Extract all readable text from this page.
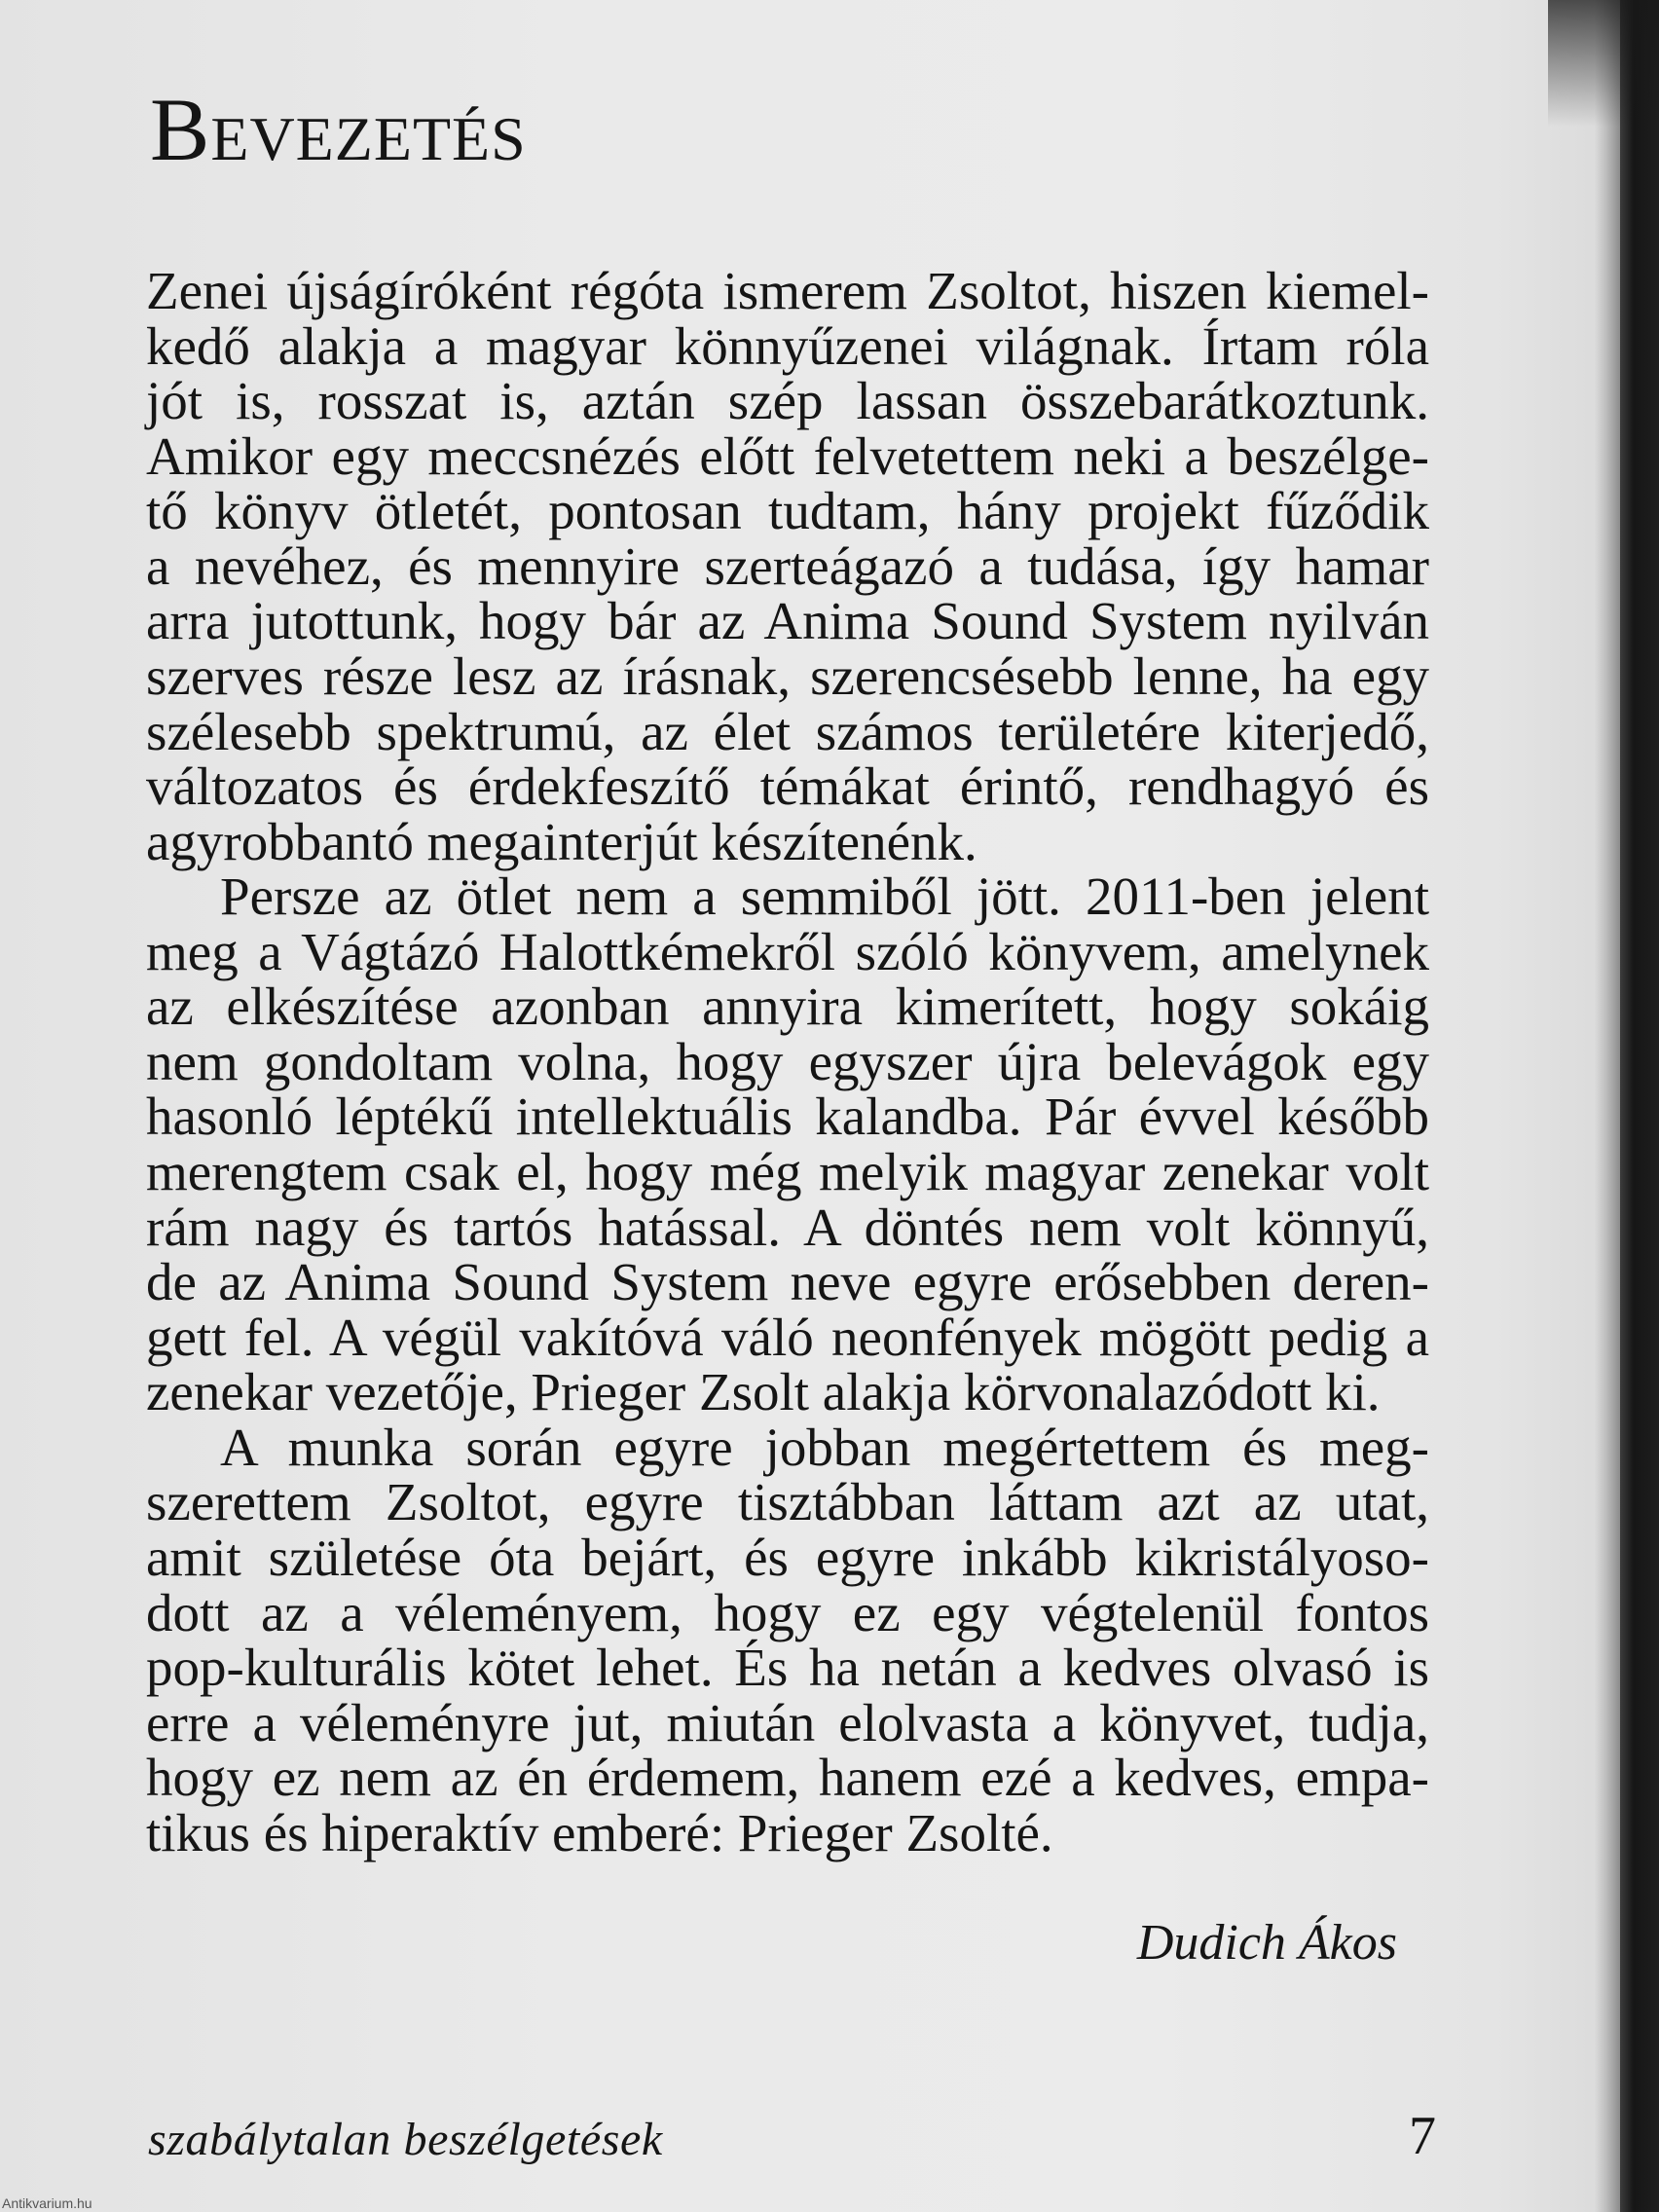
Bevezetés
Zenei újságíróként régóta ismerem Zsoltot, hiszen kiemel-
kedő alakja a magyar könnyűzenei világnak. Írtam róla
jót is, rosszat is, aztán szép lassan összebarátkoztunk.
Amikor egy meccsnézés előtt felvetettem neki a beszélge-
tő könyv ötletét, pontosan tudtam, hány projekt fűződik
a nevéhez, és mennyire szerteágazó a tudása, így hamar
arra jutottunk, hogy bár az Anima Sound System nyilván
szerves része lesz az írásnak, szerencsésebb lenne, ha egy
szélesebb spektrumú, az élet számos területére kiterjedő,
változatos és érdekfeszítő témákat érintő, rendhagyó és
agyrobbantó megainterjút készítenénk.
Persze az ötlet nem a semmiből jött. 2011-ben jelent
meg a Vágtázó Halottkémekről szóló könyvem, amelynek
az elkészítése azonban annyira kimerített, hogy sokáig
nem gondoltam volna, hogy egyszer újra belevágok egy
hasonló léptékű intellektuális kalandba. Pár évvel később
merengtem csak el, hogy még melyik magyar zenekar volt
rám nagy és tartós hatással. A döntés nem volt könnyű,
de az Anima Sound System neve egyre erősebben deren-
gett fel. A végül vakítóvá váló neonfények mögött pedig a
zenekar vezetője, Prieger Zsolt alakja körvonalazódott ki.
A munka során egyre jobban megértettem és meg-
szerettem Zsoltot, egyre tisztábban láttam azt az utat,
amit születése óta bejárt, és egyre inkább kikristályoso-
dott az a véleményem, hogy ez egy végtelenül fontos
pop-kulturális kötet lehet. És ha netán a kedves olvasó is
erre a véleményre jut, miután elolvasta a könyvet, tudja,
hogy ez nem az én érdemem, hanem ezé a kedves, empa-
tikus és hiperaktív emberé: Prieger Zsolté.
Dudich Ákos
szabálytalan beszélgetések	7
Antikvarium.hu
